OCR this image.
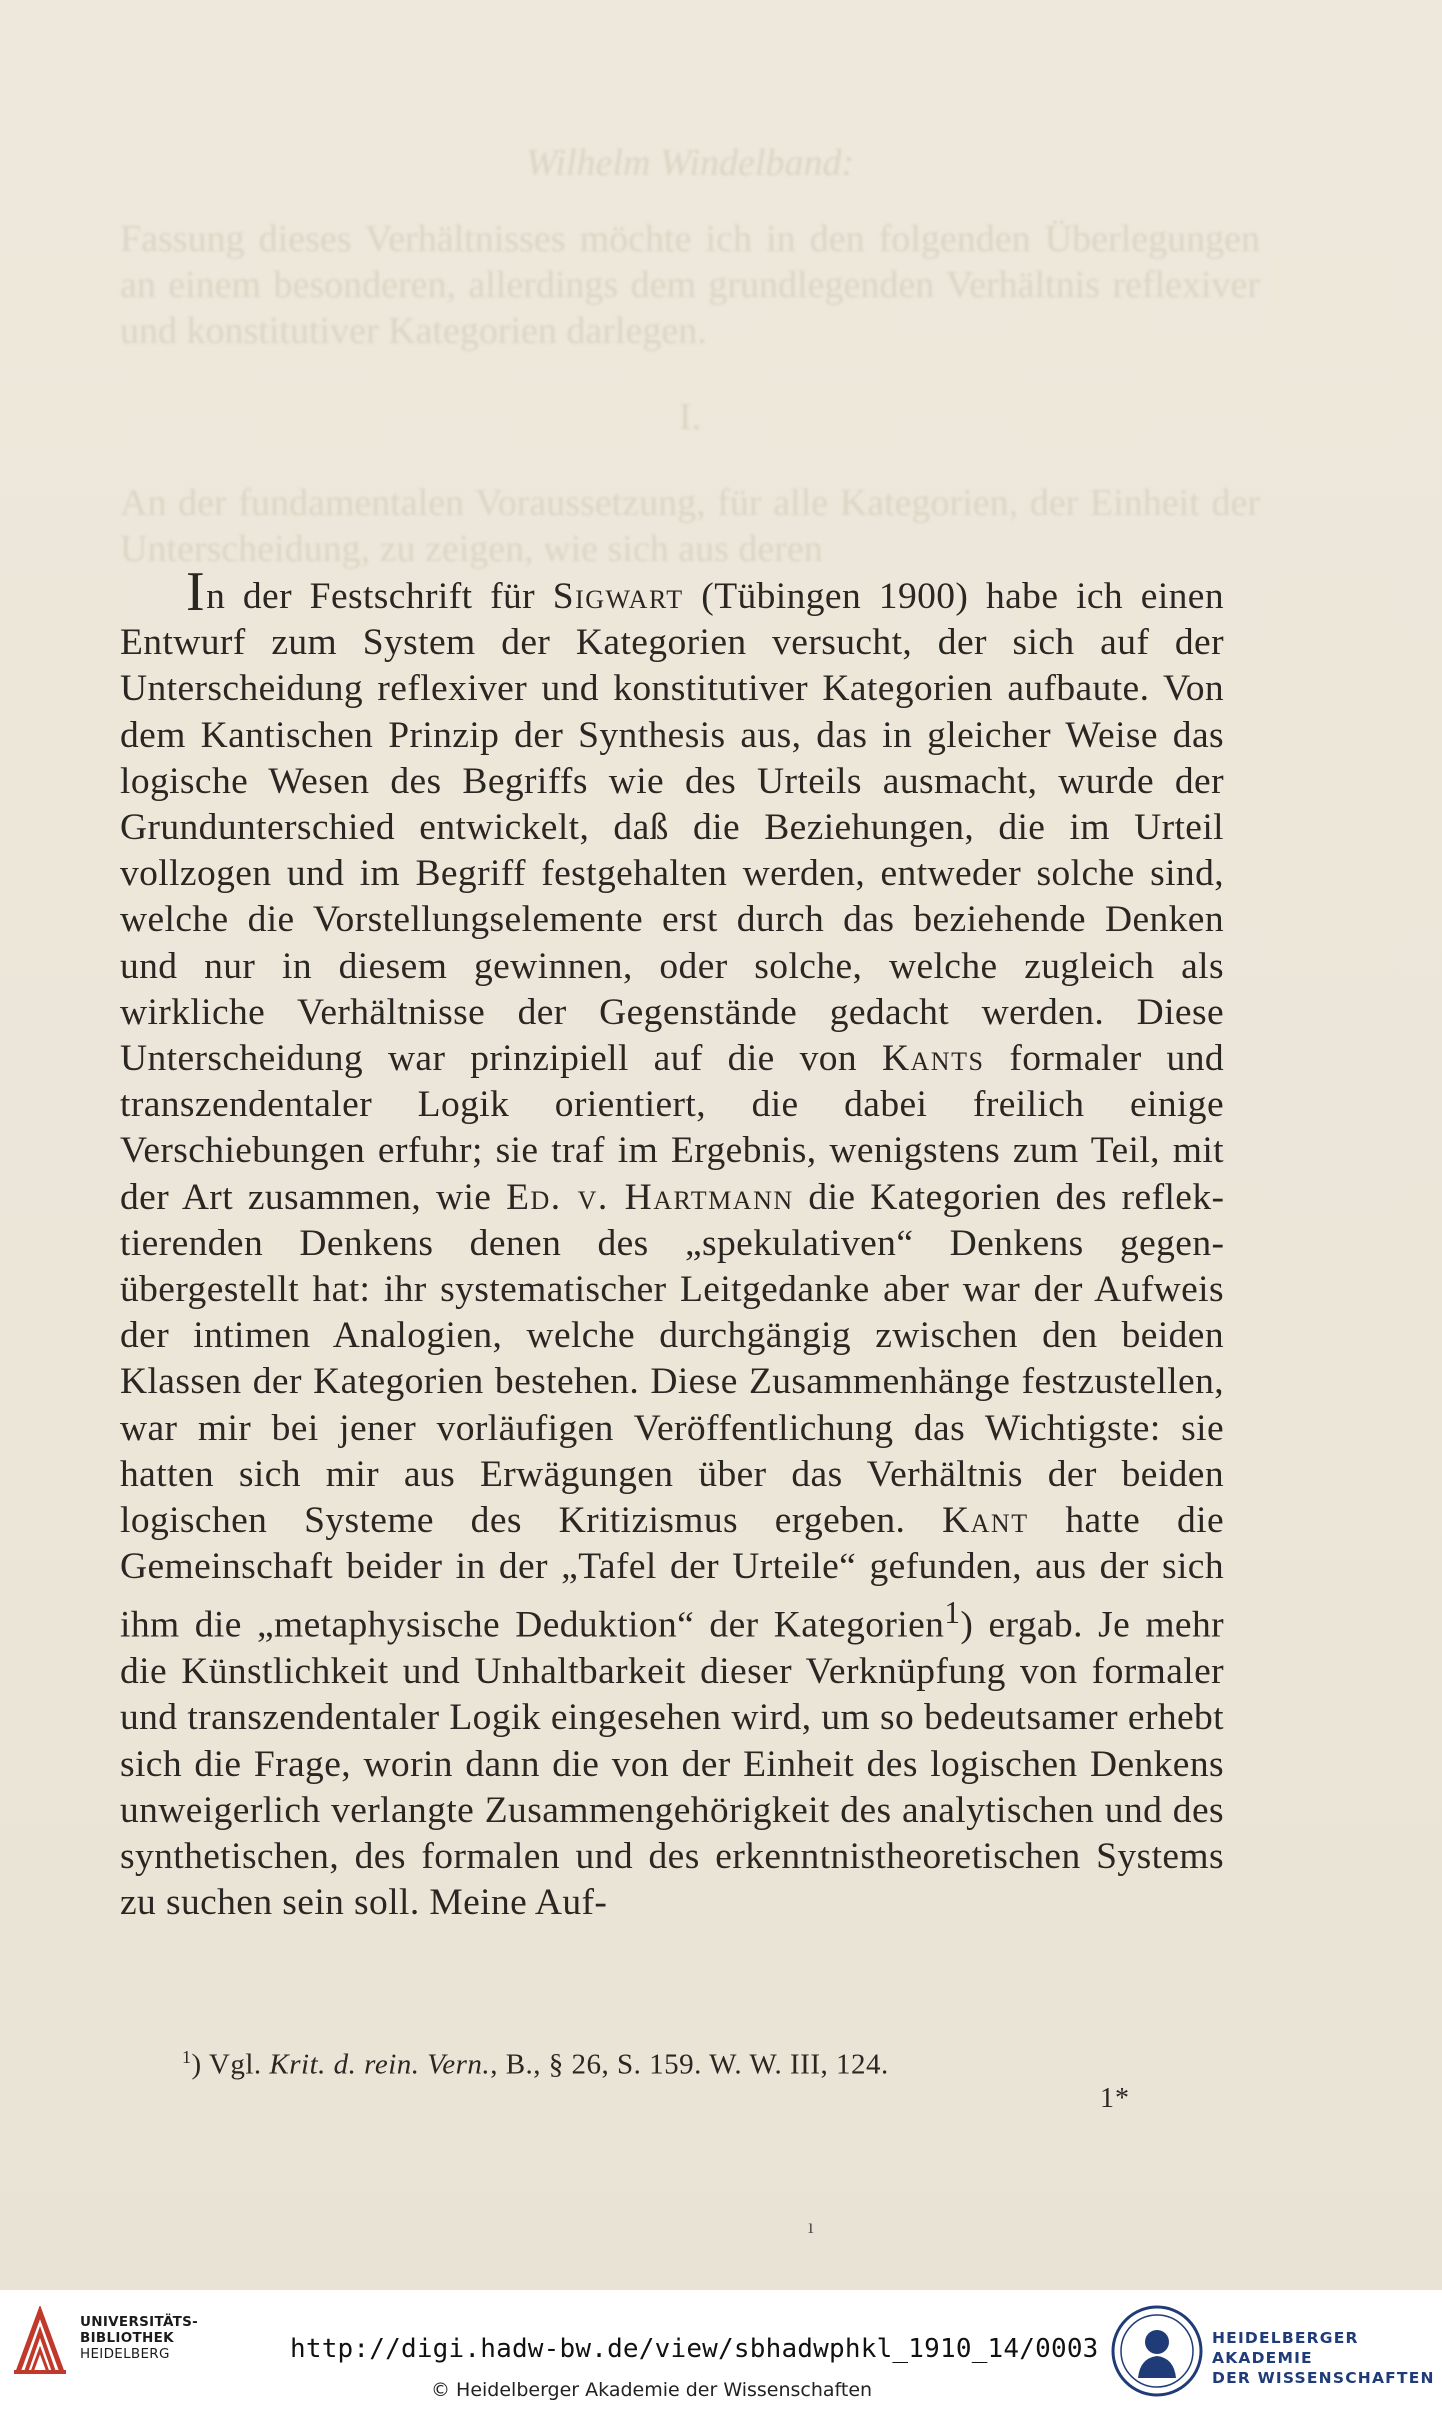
Wilhelm Windelband:
Fassung dieses Verhältnisses möchte ich in den folgenden Überlegungen an einem besonderen, allerdings dem grundlegenden Verhältnis reflexiver und konstitutiver Kategorien darlegen.
I.
An der fundamentalen Voraussetzung, für alle Kategorien, der Einheit der Unterscheidung, zu zeigen, wie sich aus deren

In der Festschrift für Sigwart (Tübingen 1900) habe ich einen Entwurf zum System der Kategorien versucht, der sich auf der Unterscheidung reflexiver und konstitutiver Kategorien aufbaute. Von dem Kantischen Prinzip der Synthesis aus, das in gleicher Weise das logische Wesen des Begriffs wie des Urteils ausmacht, wurde der Grundunterschied entwickelt, daß die Beziehungen, die im Urteil vollzogen und im Begriff festgehalten werden, entweder solche sind, welche die Vorstellungselemente erst durch das beziehende Denken und nur in diesem gewinnen, oder solche, welche zugleich als wirkliche Verhältnisse der Gegenstände gedacht werden. Diese Unterscheidung war prinzipiell auf die von Kants formaler und transzendentaler Logik orientiert, die dabei freilich einige Verschiebungen erfuhr; sie traf im Ergebnis, wenigstens zum Teil, mit der Art zusammen, wie Ed. v. Hartmann die Kategorien des reflektierenden Denkens denen des „spekulativen“ Denkens gegenübergestellt hat: ihr systematischer Leitgedanke aber war der Aufweis der intimen Analogien, welche durchgängig zwischen den beiden Klassen der Kategorien bestehen. Diese Zusammenhänge festzustellen, war mir bei jener vorläufigen Veröffentlichung das Wichtigste: sie hatten sich mir aus Erwägungen über das Verhältnis der beiden logischen Systeme des Kritizismus ergeben. Kant hatte die Gemeinschaft beider in der „Tafel der Urteile“ gefunden, aus der sich ihm die „metaphysische Deduktion“ der Kategorien$^1$) ergab. Je mehr die Künstlichkeit und Unhaltbarkeit dieser Verknüpfung von formaler und transzendentaler Logik eingesehen wird, um so bedeutsamer erhebt sich die Frage, worin dann die von der Einheit des logischen Denkens unweigerlich verlangte Zusammengehörigkeit des analytischen und des synthetischen, des formalen und des erkenntnistheoretischen Systems zu suchen sein soll. Meine Auf-

$^1$) Vgl. Krit. d. rein. Vern., B., § 26, S. 159. W. W. III, 124.
1*
ı
UNIVERSITÄTS-
BIBLIOTHEK
HEIDELBERG	http://digi.hadw-bw.de/view/sbhadwphkl_1910_14/0003
© Heidelberger Akademie der Wissenschaften
HEIDELBERGER AKADEMIE
DER WISSENSCHAFTEN
